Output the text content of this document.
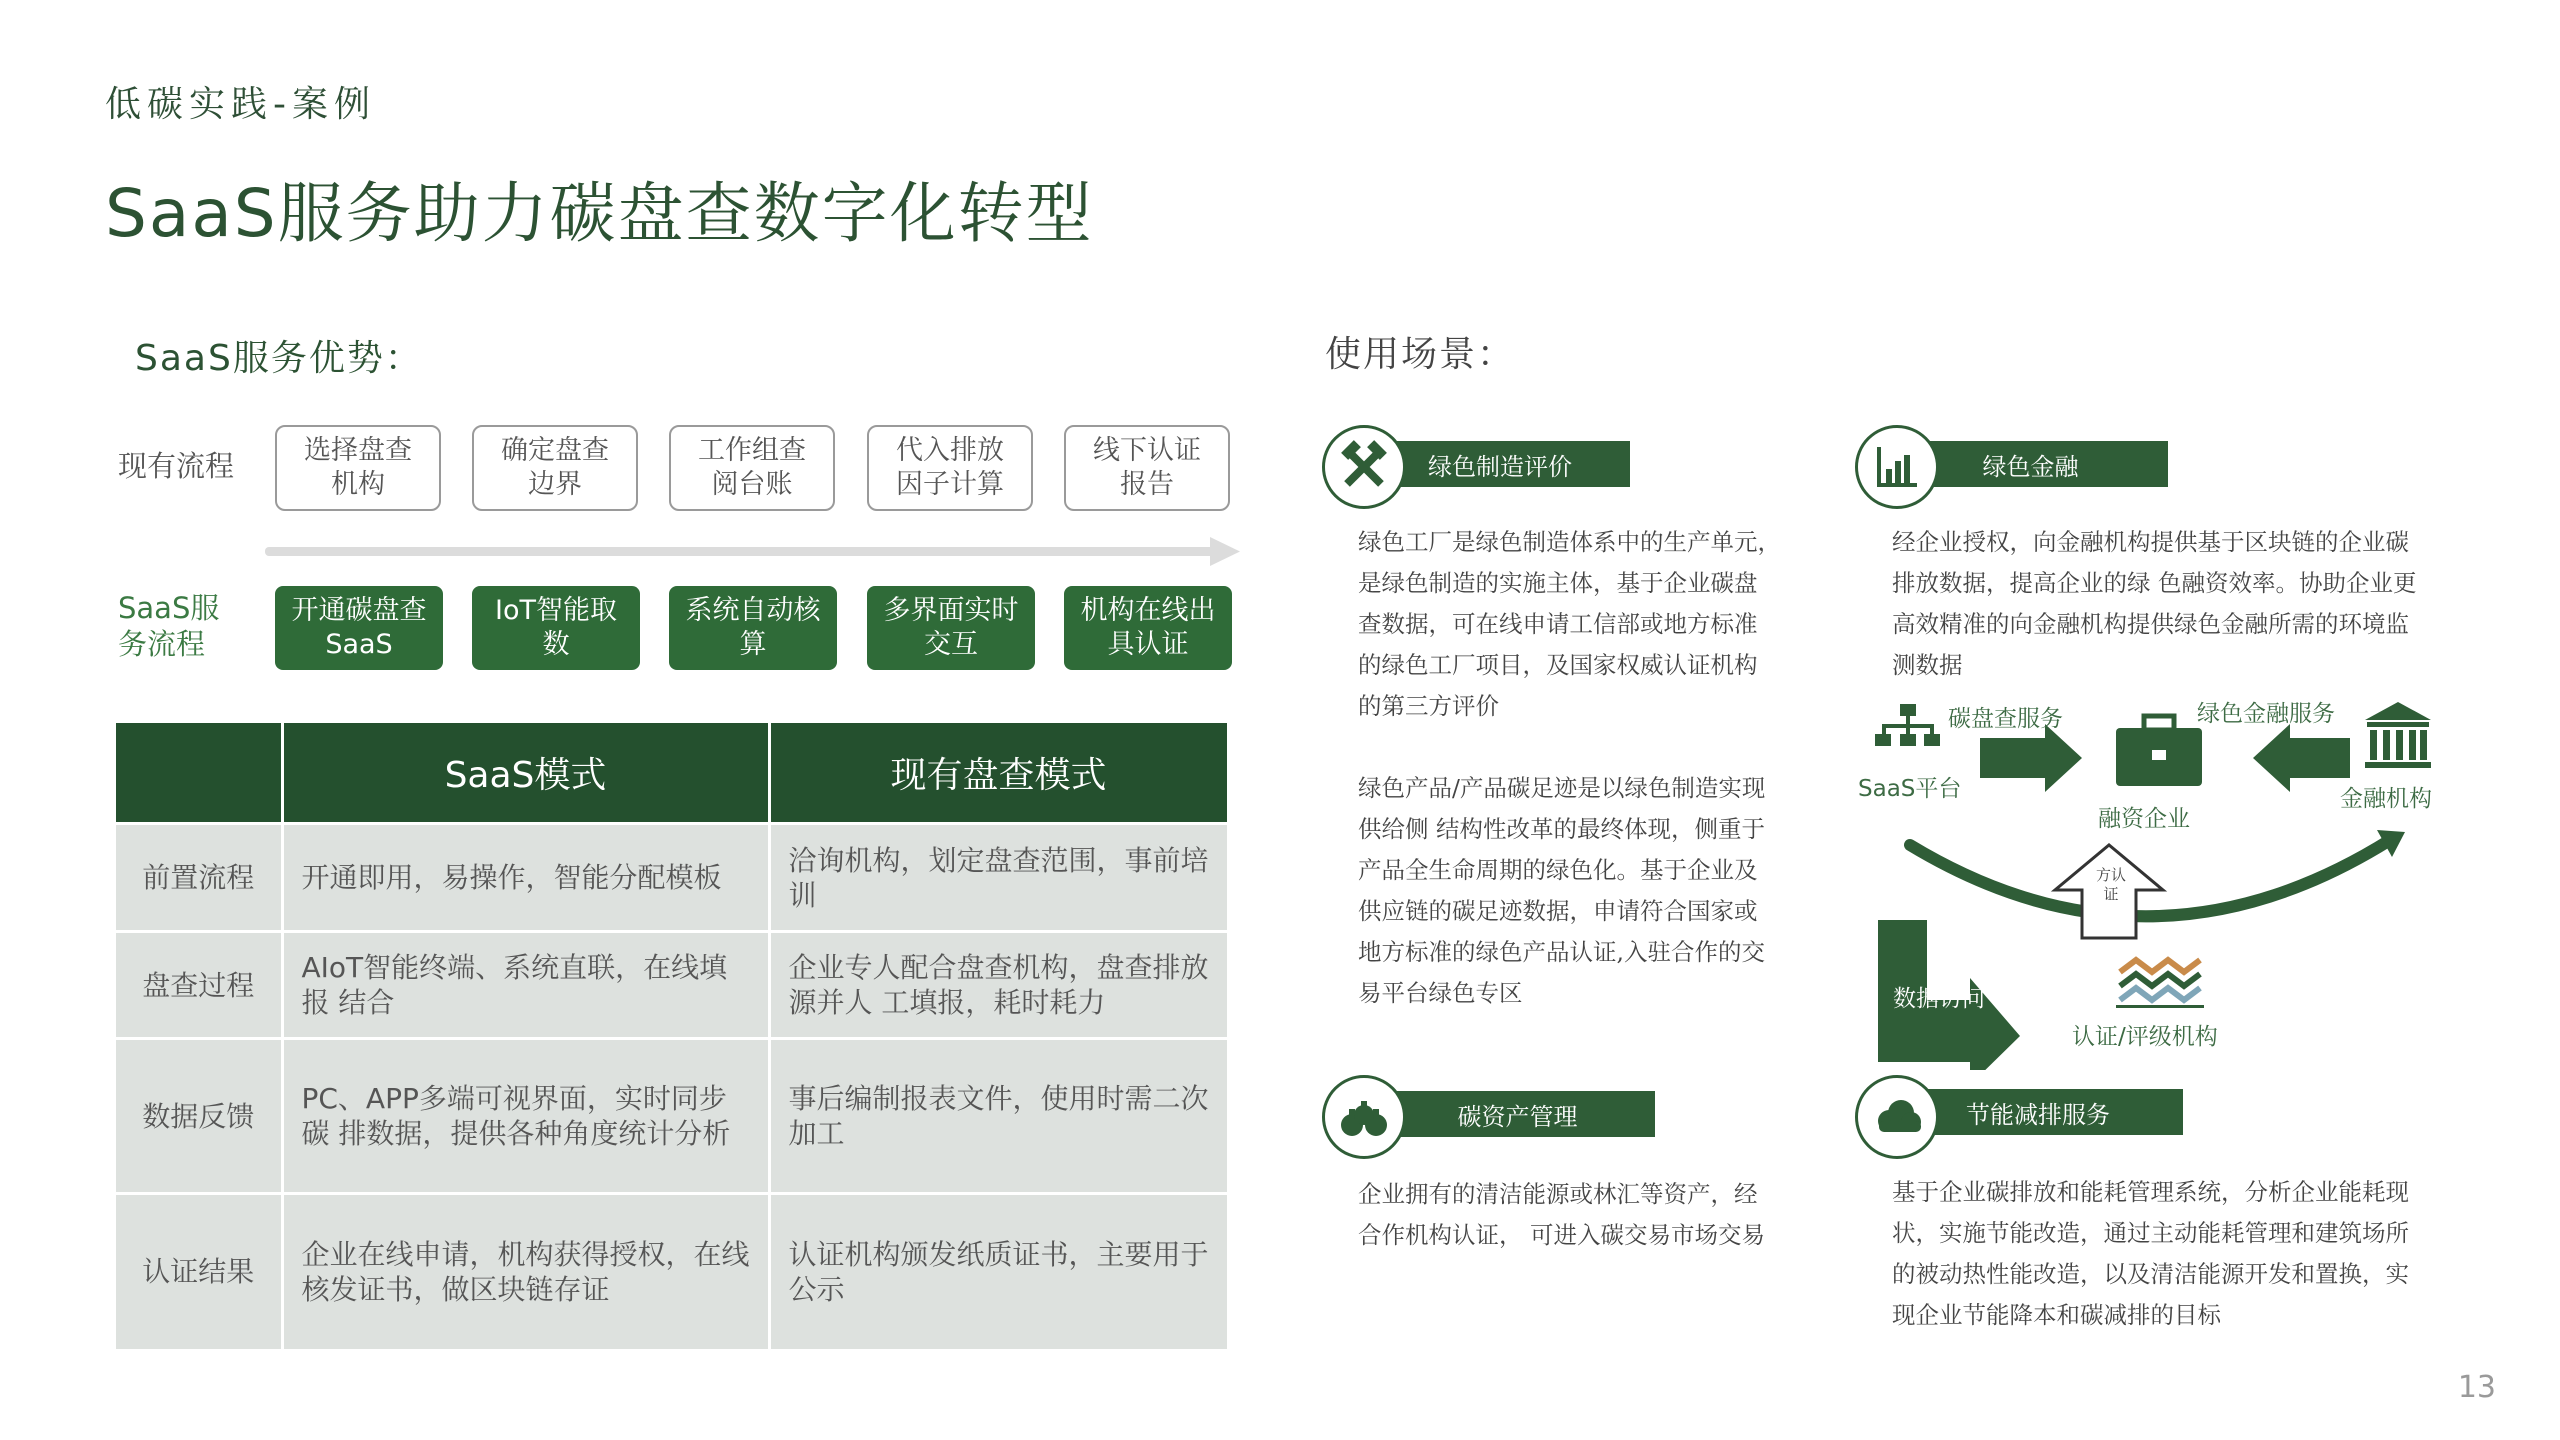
低碳实践-案例
SaaS服务助力碳盘查数字化转型
SaaS服务优势：
现有流程
SaaS服务流程
选择盘查机构
确定盘查边界
工作组查阅台账
代入排放因子计算
线下认证报告
开通碳盘查SaaS
IoT智能取数
系统自动核算
多界面实时交互
机构在线出具认证
	SaaS模式	现有盘查模式
前置流程	开通即用，易操作，智能分配模板	洽询机构，划定盘查范围，事前培训
盘查过程	AIoT智能终端、系统直联，在线填报 结合	企业专人配合盘查机构，盘查排放源并人 工填报，耗时耗力
数据反馈	PC、APP多端可视界面，实时同步碳 排数据，提供各种角度统计分析	事后编制报表文件，使用时需二次加工
认证结果	企业在线申请，机构获得授权，在线 核发证书，做区块链存证	认证机构颁发纸质证书，主要用于公示
使用场景：
绿色制造评价
绿色工厂是绿色制造体系中的生产单元，
是绿色制造的实施主体，基于企业碳盘
查数据，可在线申请工信部或地方标准
的绿色工厂项目，及国家权威认证机构
的第三方评价

绿色产品/产品碳足迹是以绿色制造实现
供给侧 结构性改革的最终体现，侧重于
产品全生命周期的绿色化。基于企业及
供应链的碳足迹数据，申请符合国家或
地方标准的绿色产品认证,入驻合作的交
易平台绿色专区
绿色金融
经企业授权，向金融机构提供基于区块链的企业碳
排放数据，提高企业的绿 色融资效率。协助企业更
高效精准的向金融机构提供绿色金融所需的环境监
测数据
碳盘查服务	绿色金融服务
SaaS平台
融资企业
金融机构
方认证
数据访问
认证/评级机构
碳资产管理
企业拥有的清洁能源或林汇等资产，经
合作机构认证， 可进入碳交易市场交易
节能减排服务
基于企业碳排放和能耗管理系统，分析企业能耗现
状，实施节能改造，通过主动能耗管理和建筑场所
的被动热性能改造，以及清洁能源开发和置换，实
现企业节能降本和碳减排的目标
13
